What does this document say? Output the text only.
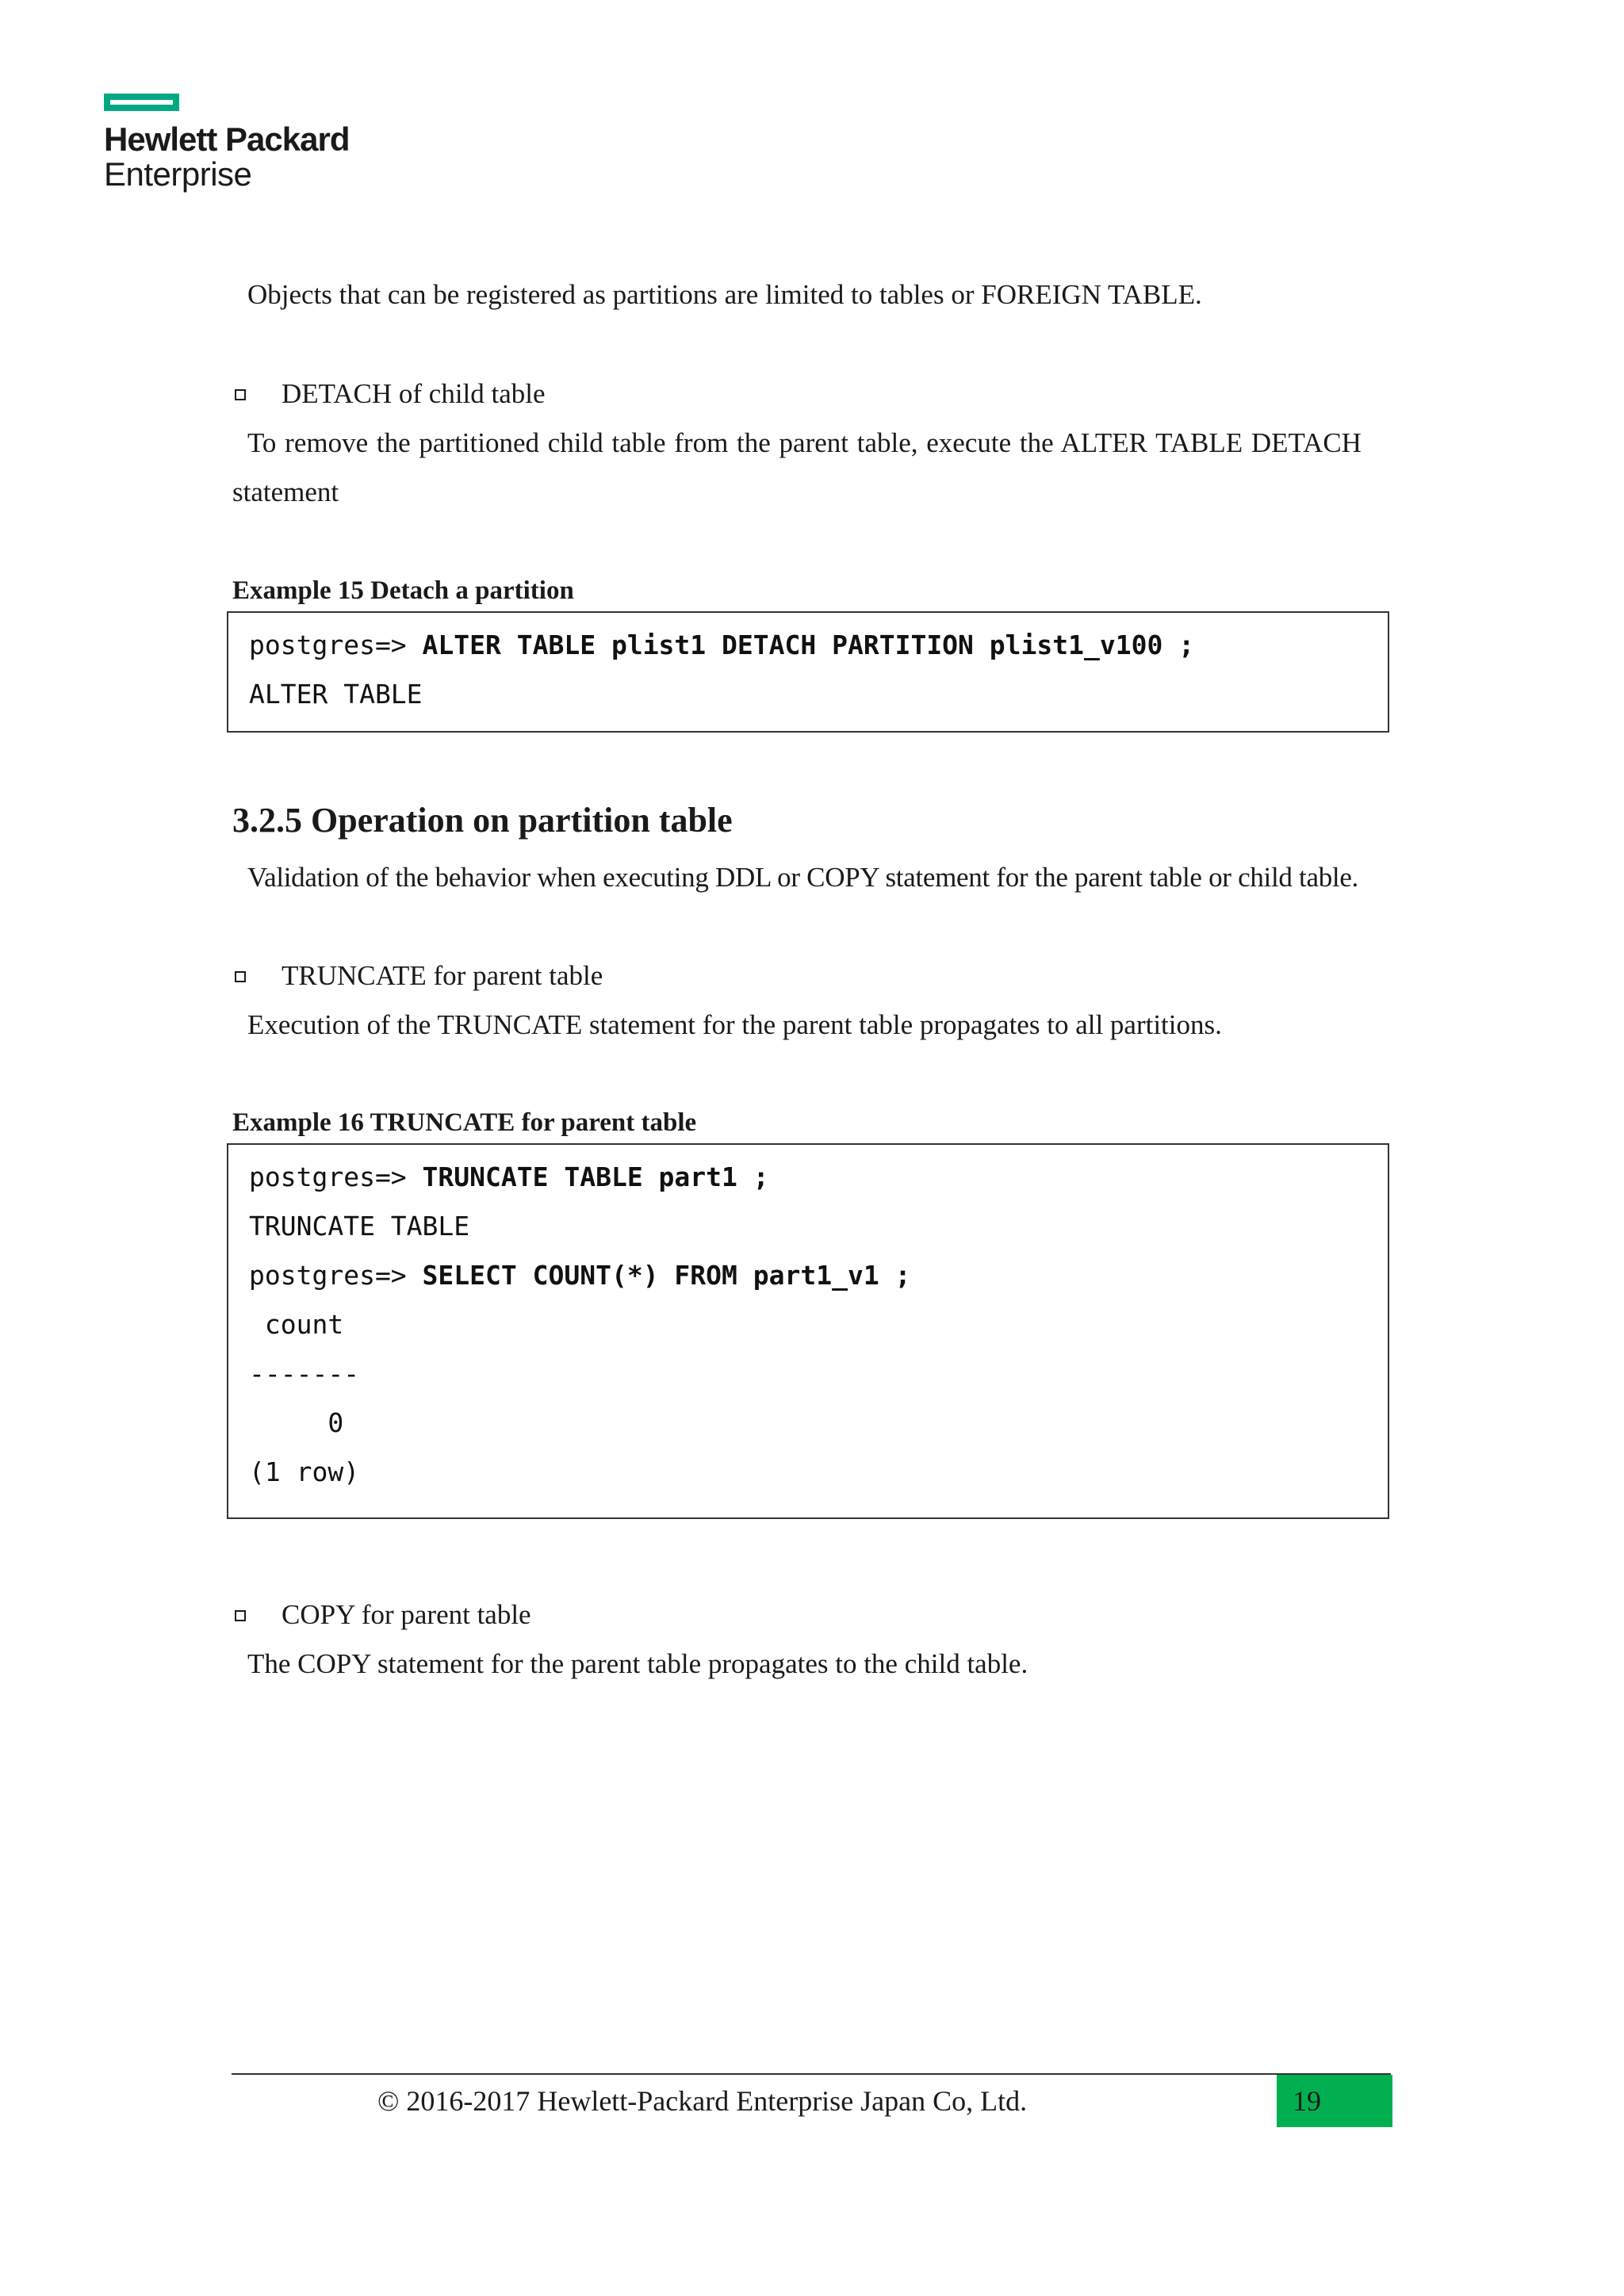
Hewlett Packard
Enterprise
Objects that can be registered as partitions are limited to tables or FOREIGN TABLE.
DETACH of child table
To remove the partitioned child table from the parent table, execute the ALTER TABLE DETACH
statement
Example 15 Detach a partition
postgres=> ALTER TABLE plist1 DETACH PARTITION plist1_v100 ;
ALTER TABLE
3.2.5 Operation on partition table
Validation of the behavior when executing DDL or COPY statement for the parent table or child table.
TRUNCATE for parent table
Execution of the TRUNCATE statement for the parent table propagates to all partitions.
Example 16 TRUNCATE for parent table
postgres=> TRUNCATE TABLE part1 ;
TRUNCATE TABLE
postgres=> SELECT COUNT(*) FROM part1_v1 ;
count
-------
0
(1 row)
COPY for parent table
The COPY statement for the parent table propagates to the child table.
© 2016-2017 Hewlett-Packard Enterprise Japan Co, Ltd.	19
